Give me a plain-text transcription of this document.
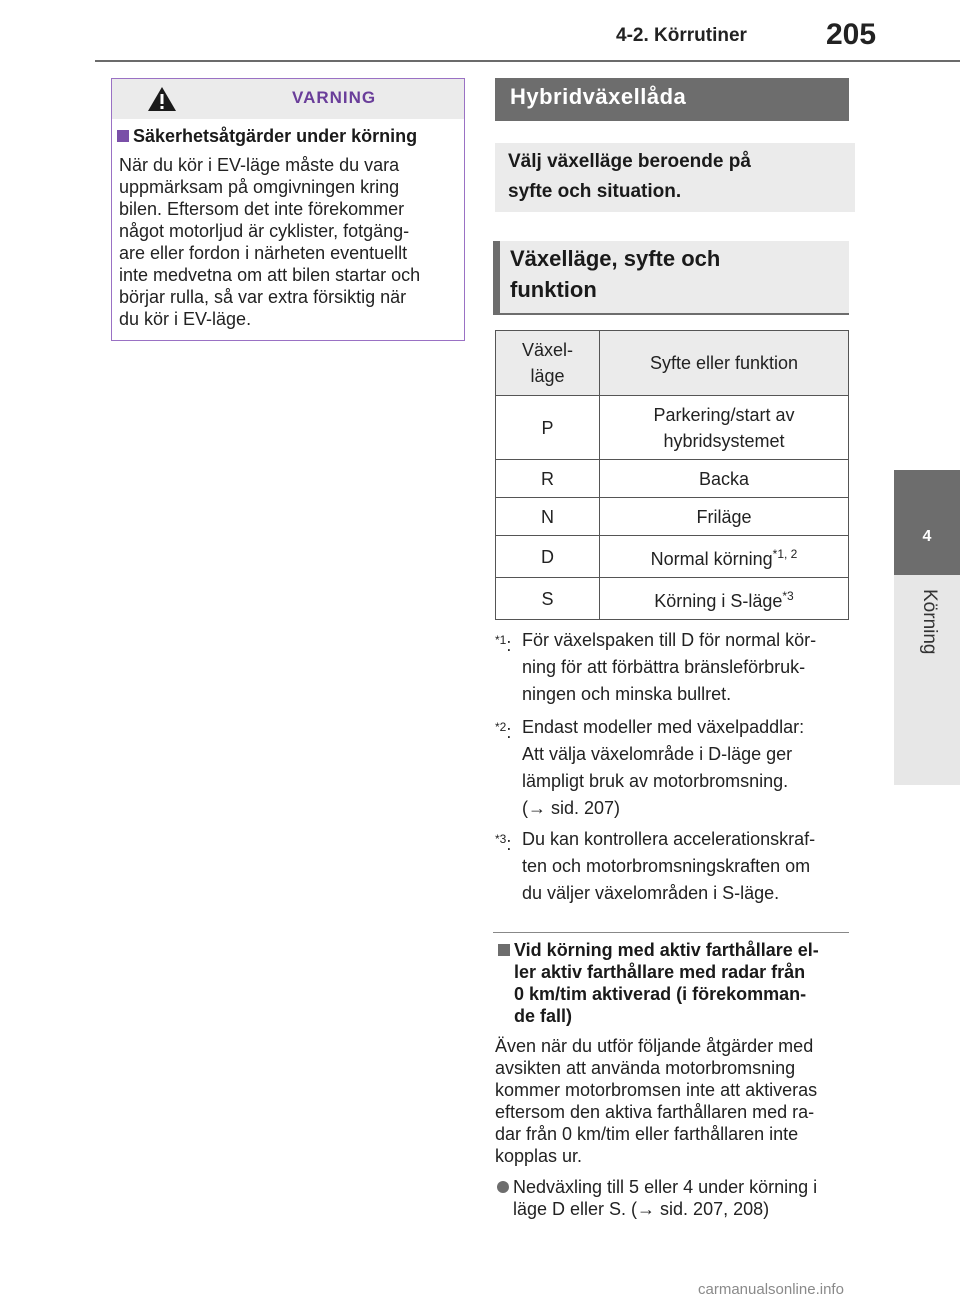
4-2. Körrutiner	205
4
Körning
VARNING
Säkerhetsåtgärder under körning
När du kör i EV-läge måste du vara
uppmärksam på omgivningen kring
bilen. Eftersom det inte förekommer
något motorljud är cyklister, fotgäng-
are eller fordon i närheten eventuellt
inte medvetna om att bilen startar och
börjar rulla, så var extra försiktig när
du kör i EV-läge.
Hybridväxellåda
Välj växelläge beroende på
syfte och situation.
Växelläge, syfte och
funktion
Växel-
läge	Syfte eller funktion
P	Parkering/start av
hybridsystemet

R	Backa
N	Friläge
D	Normal körning$^{*1, 2}$
S	Körning i S-läge$^{*3}$
$^{*1}$: För växelspaken till D för normal kör-
ning för att förbättra bränsleförbruk-
ningen och minska bullret.
$^{*2}$: Endast modeller med växelpaddlar:
Att välja växelområde i D-läge ger
lämpligt bruk av motorbromsning.
(→ sid. 207)
$^{*3}$: Du kan kontrollera accelerationskraf-
ten och motorbromsningskraften om
du väljer växelområden i S-läge.
Vid körning med aktiv farthållare el-
ler aktiv farthållare med radar från
0 km/tim aktiverad (i förekomman-
de fall)
Även när du utför följande åtgärder med
avsikten att använda motorbromsning
kommer motorbromsen inte att aktiveras
eftersom den aktiva farthållaren med ra-
dar från 0 km/tim eller farthållaren inte
kopplas ur.
Nedväxling till 5 eller 4 under körning i
läge D eller S. (→ sid. 207, 208)
carmanualsonline.info
